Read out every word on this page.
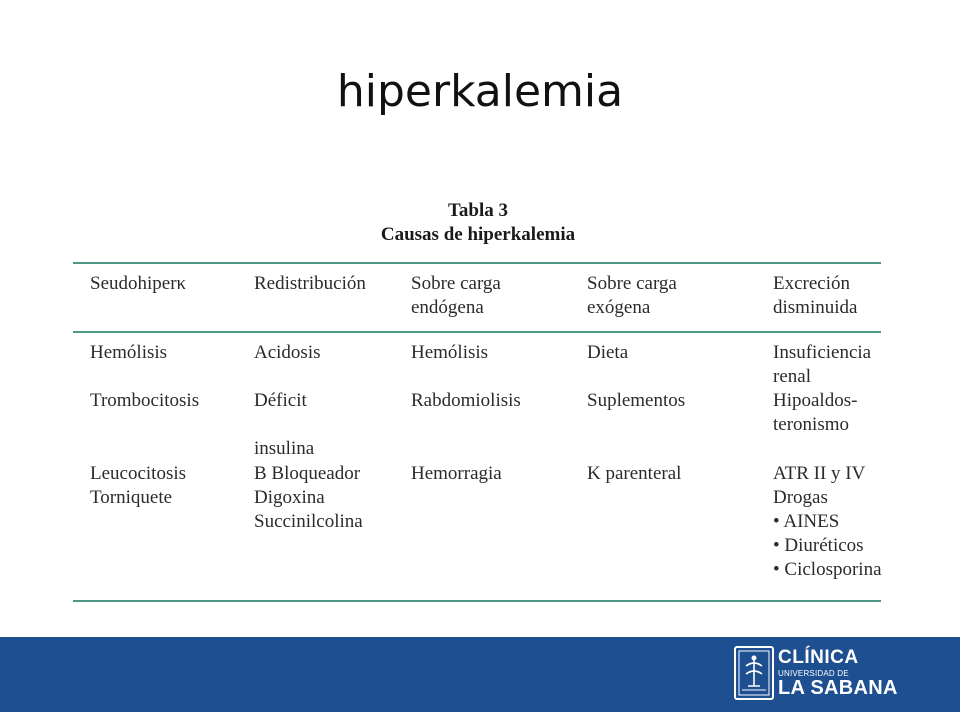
hiperkalemia
Tabla 3
Causas de hiperkalemia
Seudohiperκ	Redistribución Sobre carga
endógena
Sobre carga
exógena
Excreción
disminuida
Hemólisis
Trombocitosis
Leucocitosis
Torniquete
Acidosis
Déficit
insulina
B Bloqueador
Digoxina
Succinilcolina
Hemólisis
Rabdomiolisis
Hemorragia
Dieta
Suplementos
K parenteral
Insuficiencia
renal
Hipoaldos-
teronismo
ATR II y IV
Drogas
• AINES
• Diuréticos
• Ciclosporina
CLÍNICA
UNIVERSIDAD DE
LA SABANA
